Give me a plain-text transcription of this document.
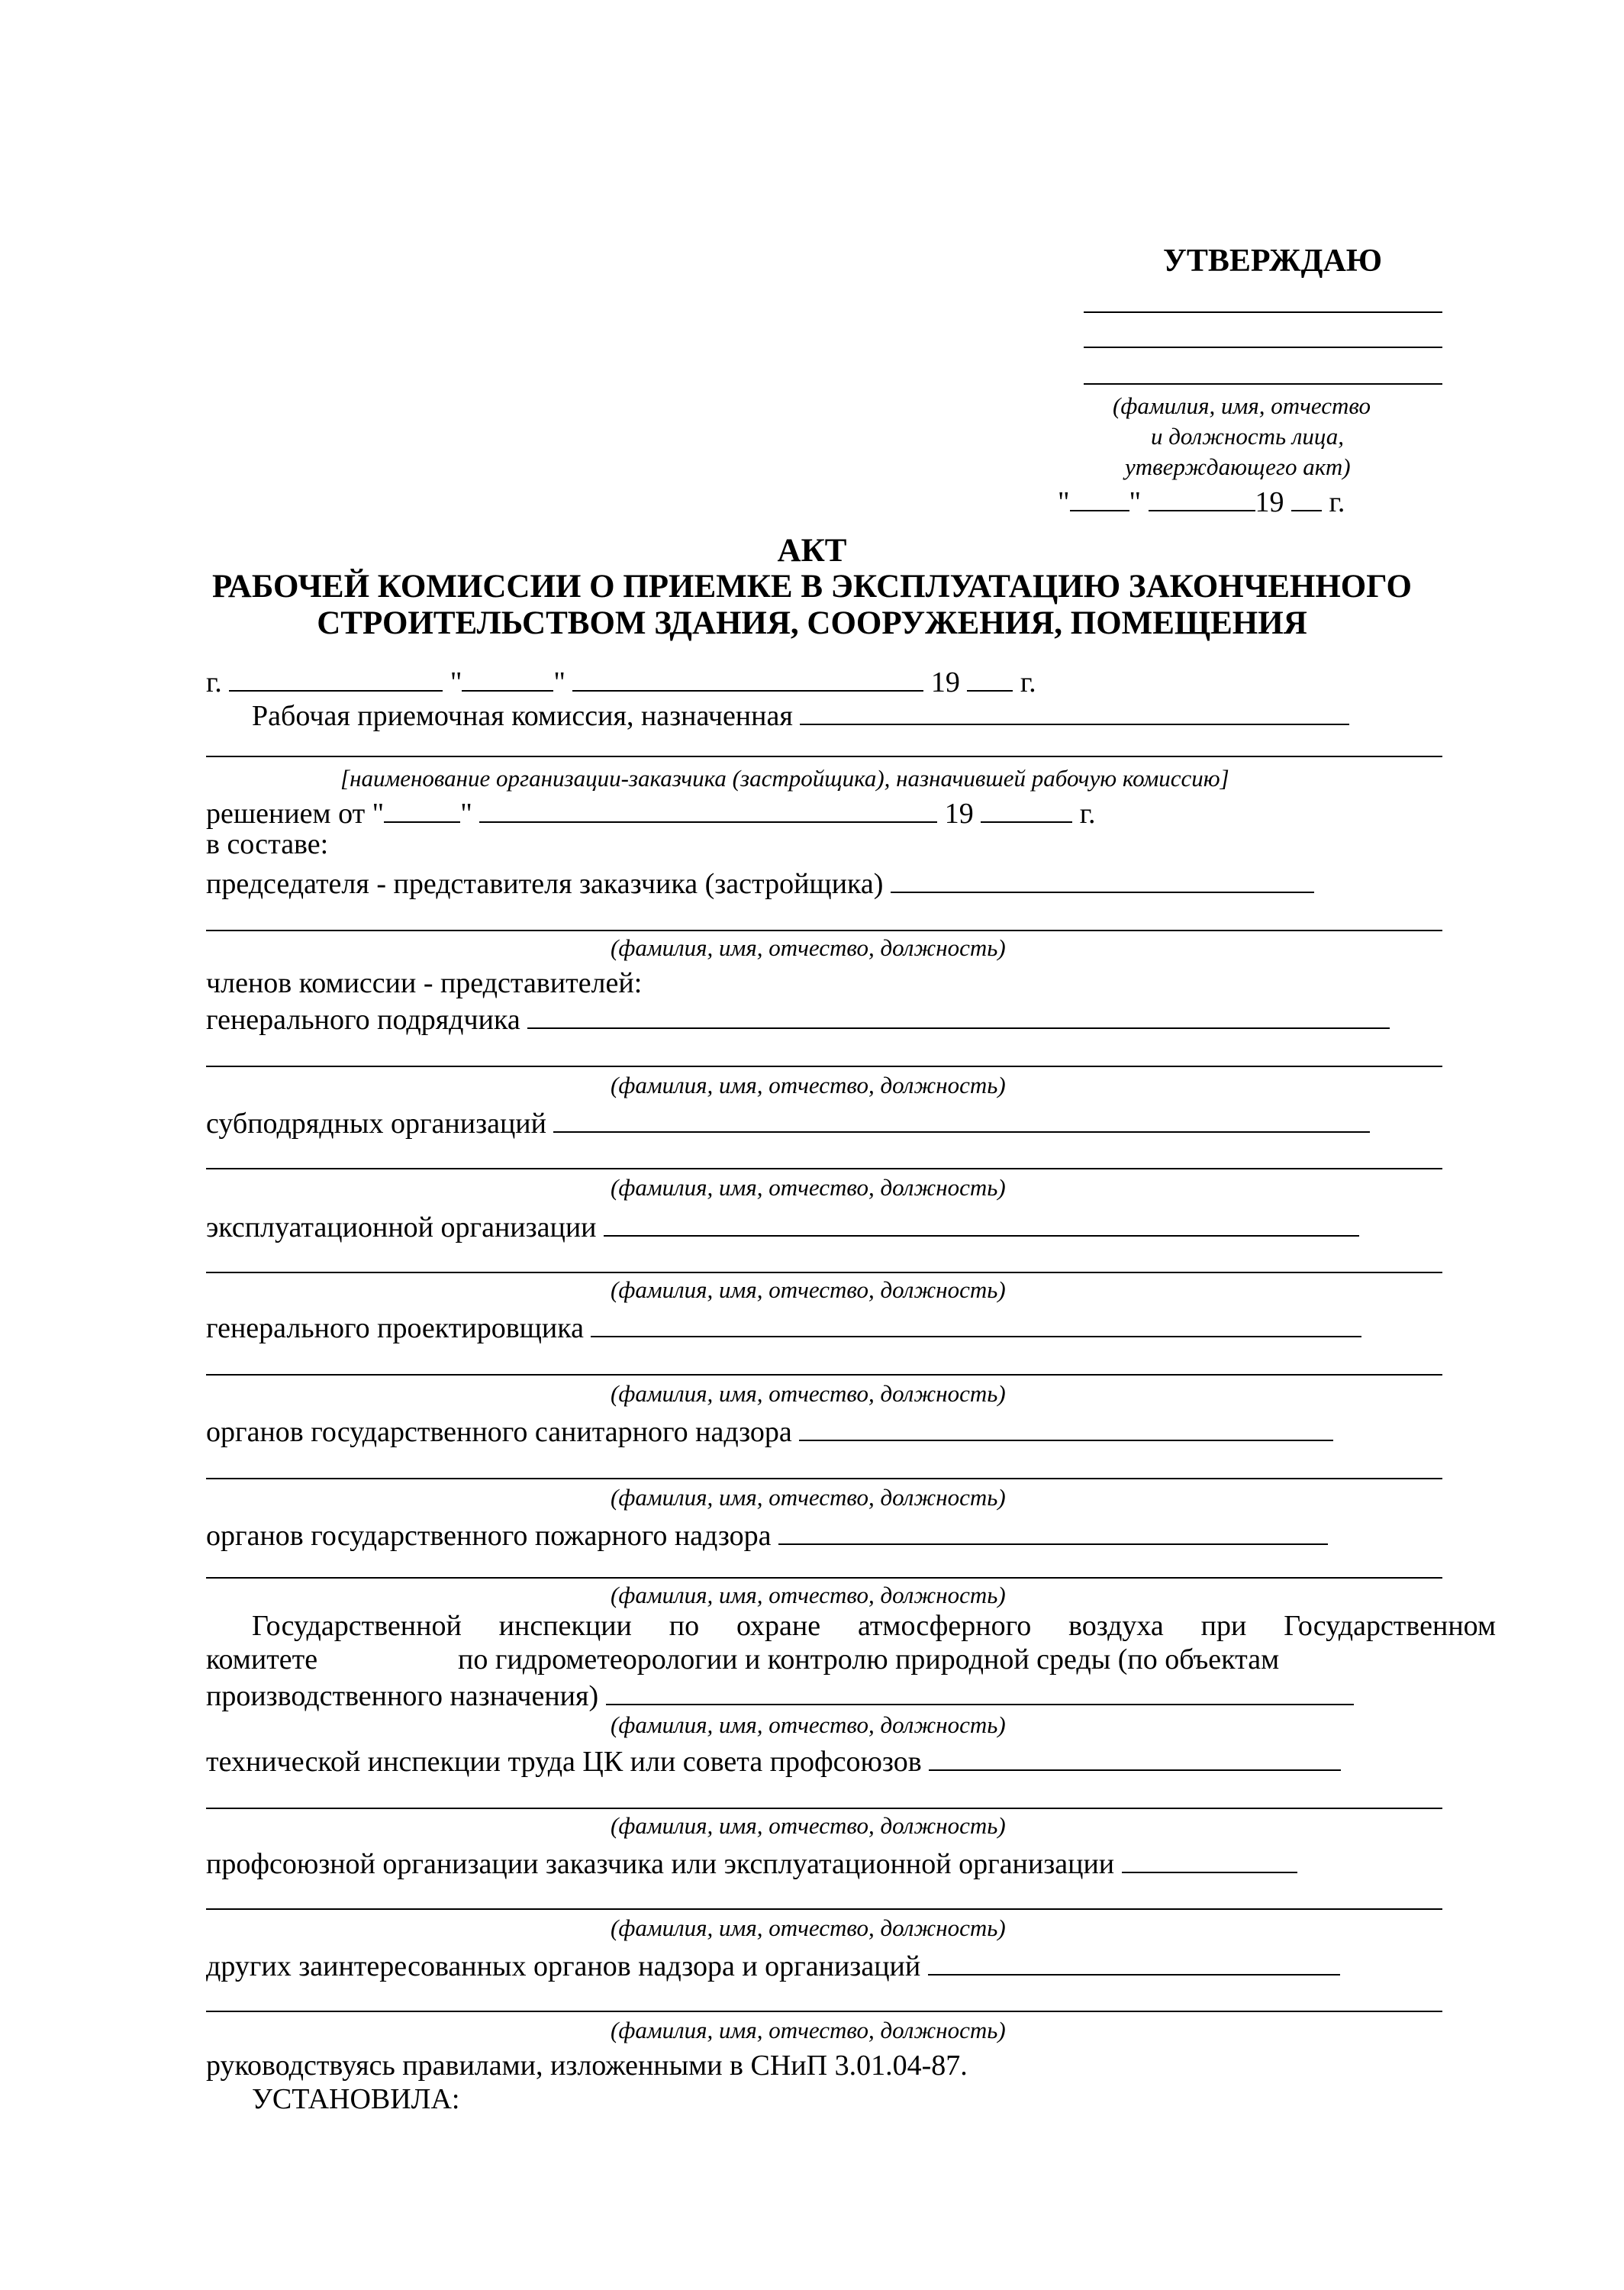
УТВЕРЖДАЮ
(фамилия, имя, отчество
и должность лица,
утверждающего акт)
" "	19 г.
АКТ
РАБОЧЕЙ КОМИССИИ О ПРИЕМКЕ В ЭКСПЛУАТАЦИЮ ЗАКОНЧЕННОГО
СТРОИТЕЛЬСТВОМ ЗДАНИЯ, СООРУЖЕНИЯ, ПОМЕЩЕНИЯ
г.	"	"	19 г.
Рабочая приемочная комиссия, назначенная
[наименование организации-заказчика (застройщика), назначившей рабочую комиссию]
решением от "	"	19	г.
в составе:
председателя - представителя заказчика (застройщика)
(фамилия, имя, отчество, должность)
членов комиссии - представителей:
генерального подрядчика
(фамилия, имя, отчество, должность)
субподрядных организаций
(фамилия, имя, отчество, должность)
эксплуатационной организации
(фамилия, имя, отчество, должность)
генерального проектировщика
(фамилия, имя, отчество, должность)
органов государственного санитарного надзора
(фамилия, имя, отчество, должность)
органов государственного пожарного надзора
(фамилия, имя, отчество, должность)
Государственной инспекции по охране атмосферного воздуха при Государственном
комитете	по гидрометеорологии и контролю природной среды (по объектам
производственного назначения)
(фамилия, имя, отчество, должность)
технической инспекции труда ЦК или совета профсоюзов
(фамилия, имя, отчество, должность)
профсоюзной организации заказчика или эксплуатационной организации
(фамилия, имя, отчество, должность)
других заинтересованных органов надзора и организаций
(фамилия, имя, отчество, должность)
руководствуясь правилами, изложенными в СНиП 3.01.04-87.
УСТАНОВИЛА:
